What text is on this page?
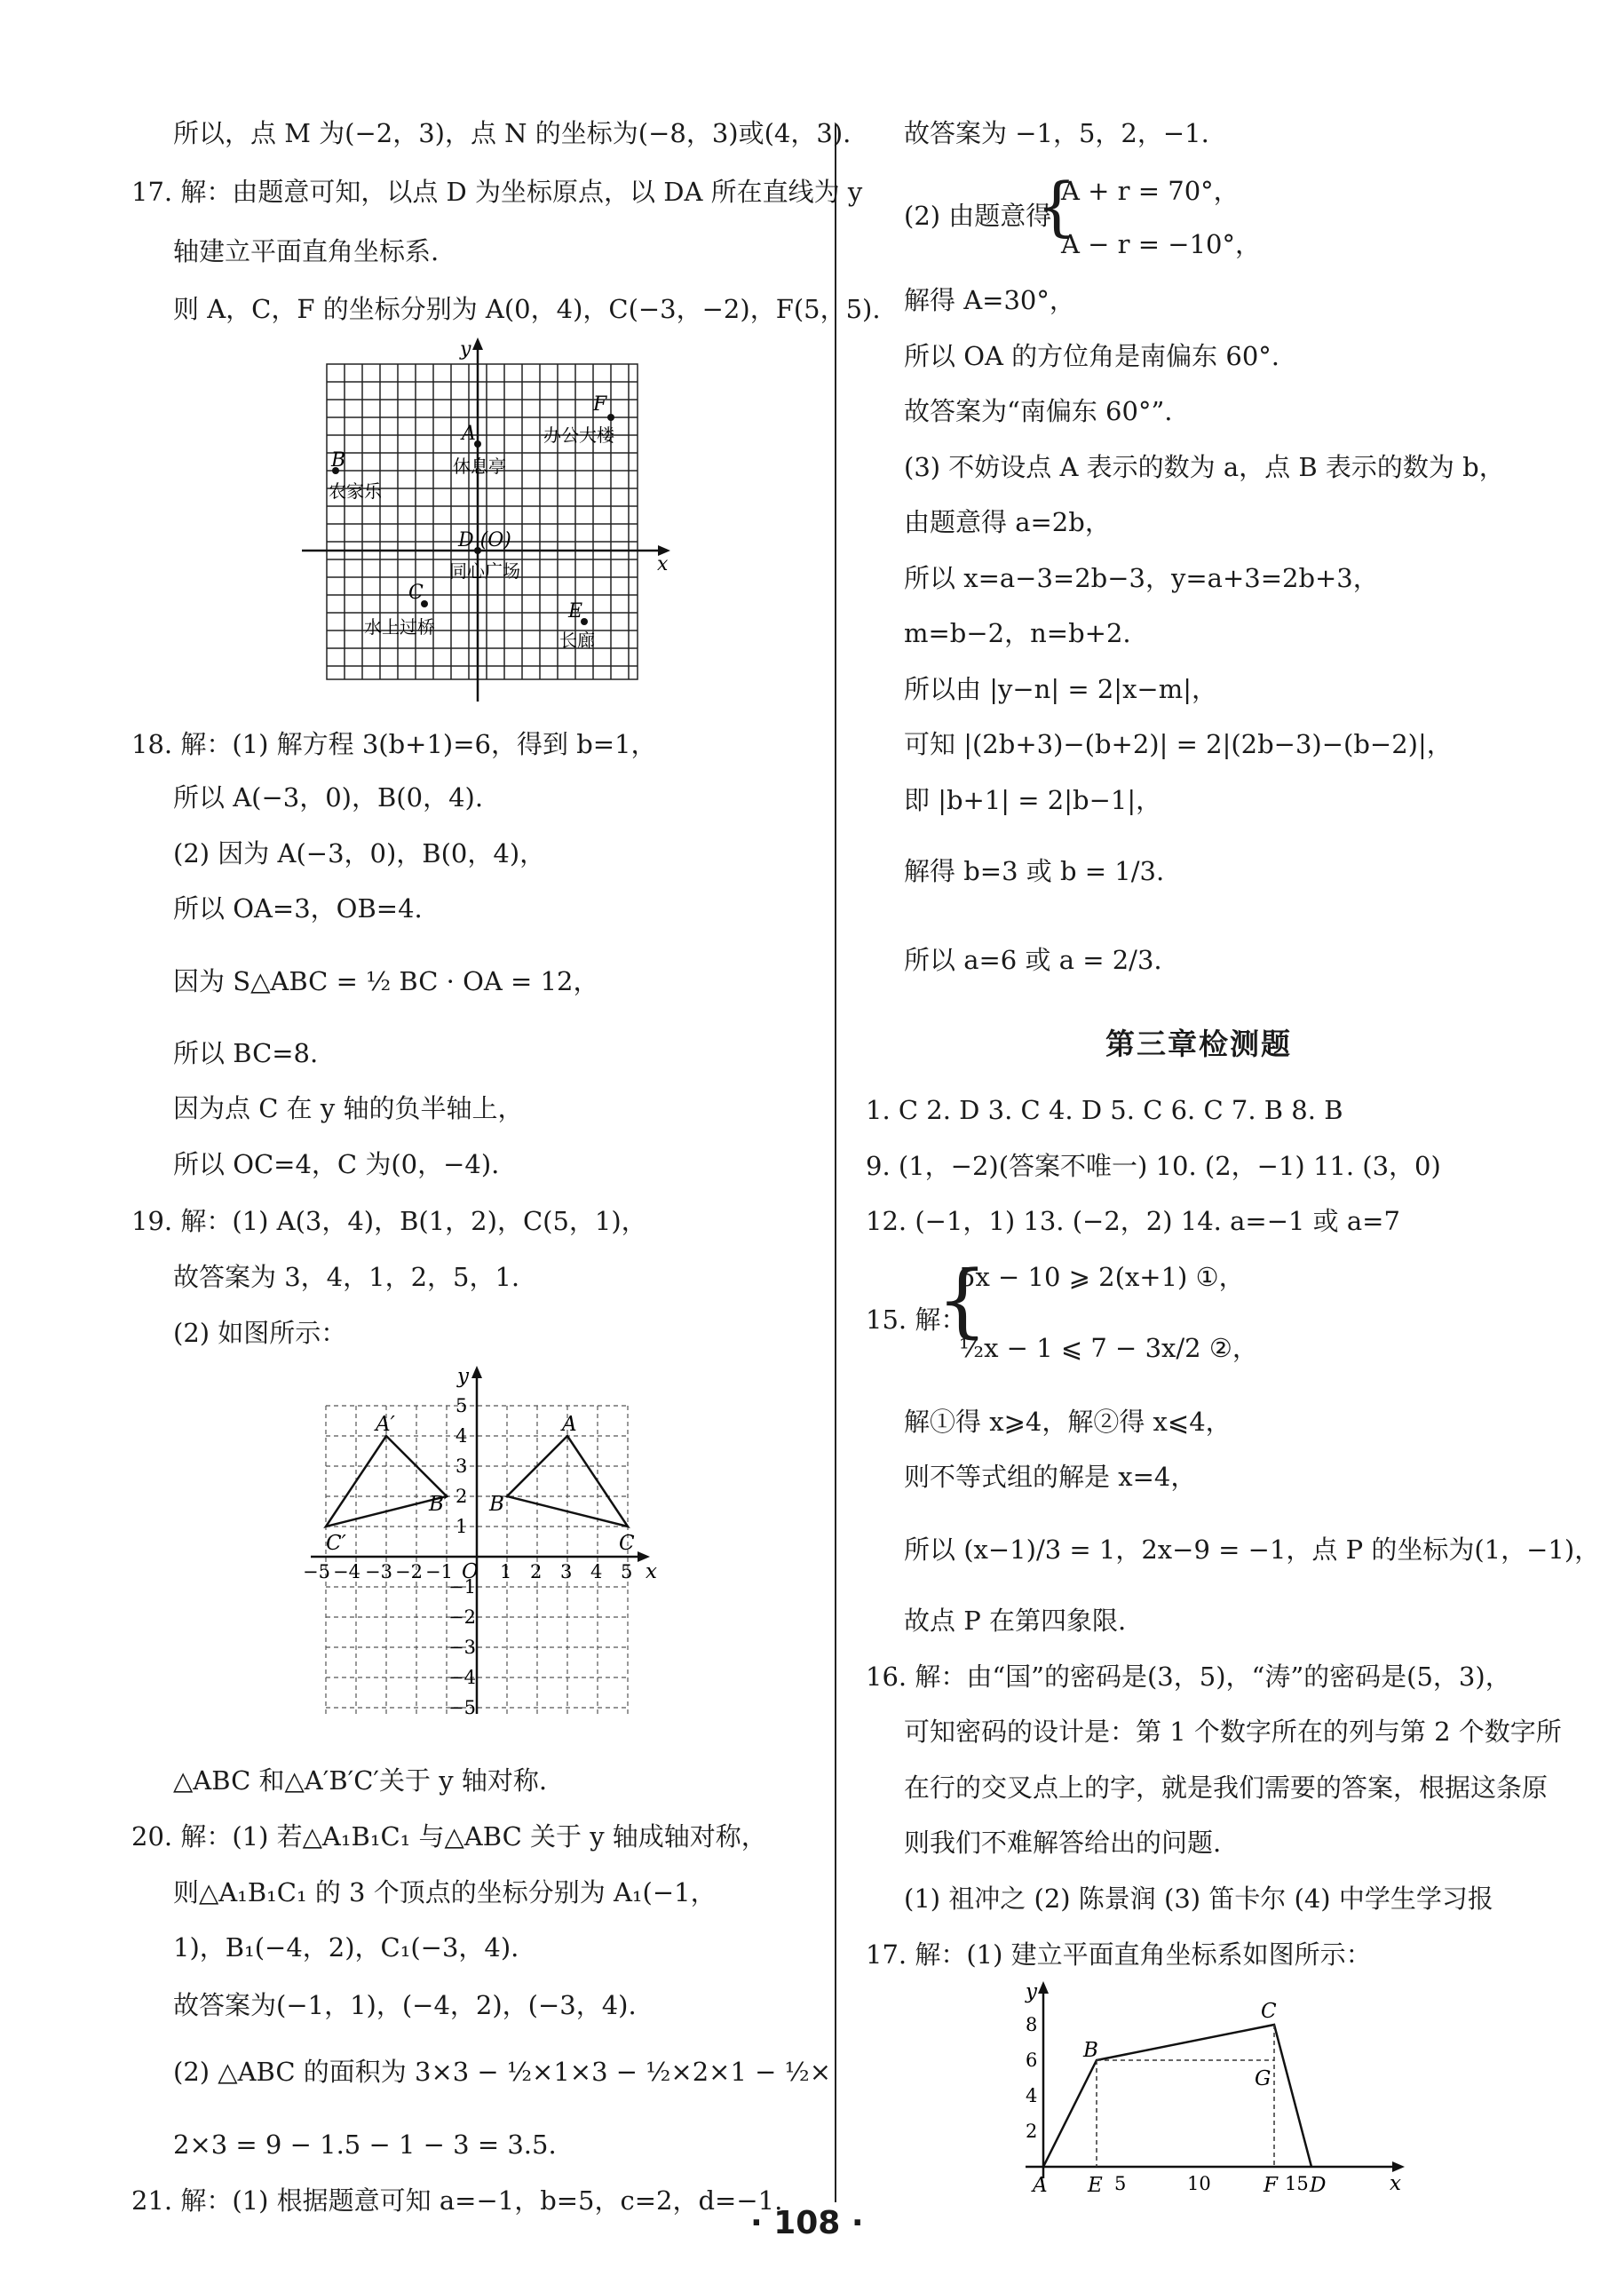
所以，点 M 为(−2，3)，点 N 的坐标为(−8，3)或(4，3).
17. 解：由题意可知，以点 D 为坐标原点，以 DA 所在直线为 y
轴建立平面直角坐标系.
则 A，C，F 的坐标分别为 A(0，4)，C(−3，−2)，F(5，5).
y
x
F
A
B
D (O)
C
E
办公大楼
休息亭
农家乐
同心广场
水上过桥
长廊
18. 解：(1) 解方程 3(b+1)=6，得到 b=1，
所以 A(−3，0)，B(0，4).
(2) 因为 A(−3，0)，B(0，4)，
所以 OA=3，OB=4.
因为 S△ABC = ½ BC · OA = 12，
所以 BC=8.
因为点 C 在 y 轴的负半轴上，
所以 OC=4，C 为(0，−4).
19. 解：(1) A(3，4)，B(1，2)，C(5，1)，
故答案为 3，4，1，2，5，1.
(2) 如图所示：
5
4
3
2
1
−1
−2
−3
−4
−5
−5 −4 −3 −2 −1	1 2 3 4 5
y
x
O
A
B
C
A′
B′
C′
△ABC 和△A′B′C′关于 y 轴对称.
20. 解：(1) 若△A₁B₁C₁ 与△ABC 关于 y 轴成轴对称，
则△A₁B₁C₁ 的 3 个顶点的坐标分别为 A₁(−1，
1)，B₁(−4，2)，C₁(−3，4).
故答案为(−1，1)，(−4，2)，(−3，4).
(2) △ABC 的面积为 3×3 − ½×1×3 − ½×2×1 − ½×
2×3 = 9 − 1.5 − 1 − 3 = 3.5.
21. 解：(1) 根据题意可知 a=−1，b=5，c=2，d=−1.
故答案为 −1，5，2，−1.
{
A + r = 70°，
(2) 由题意得
A − r = −10°，
解得 A=30°，
所以 OA 的方位角是南偏东 60°.
故答案为“南偏东 60°”.
(3) 不妨设点 A 表示的数为 a，点 B 表示的数为 b，
由题意得 a=2b，
所以 x=a−3=2b−3，y=a+3=2b+3，
m=b−2，n=b+2.
所以由 |y−n| = 2|x−m|，
可知 |(2b+3)−(b+2)| = 2|(2b−3)−(b−2)|，
即 |b+1| = 2|b−1|，
解得 b=3 或 b = 1/3.
所以 a=6 或 a = 2/3.
第三章检测题
1. C 2. D 3. C 4. D 5. C 6. C 7. B 8. B
9. (1，−2)(答案不唯一) 10. (2，−1) 11. (3，0)
12. (−1，1) 13. (−2，2) 14. a=−1 或 a=7
{
5x − 10 ⩾ 2(x+1) ①，
15. 解：
½x − 1 ⩽ 7 − 3x/2 ②，
解①得 x⩾4，解②得 x⩽4，
则不等式组的解是 x=4，
所以 (x−1)/3 = 1，2x−9 = −1，点 P 的坐标为(1，−1)，
故点 P 在第四象限.
16. 解：由“国”的密码是(3，5)，“涛”的密码是(5，3)，
可知密码的设计是：第 1 个数字所在的列与第 2 个数字所
在行的交叉点上的字，就是我们需要的答案，根据这条原
则我们不难解答给出的问题.
(1) 祖冲之 (2) 陈景润 (3) 笛卡尔 (4) 中学生学习报
17. 解：(1) 建立平面直角坐标系如图所示：
8
6
4
2
5	10	15
y
x
A E	F D
B
C
G
· 108 ·
